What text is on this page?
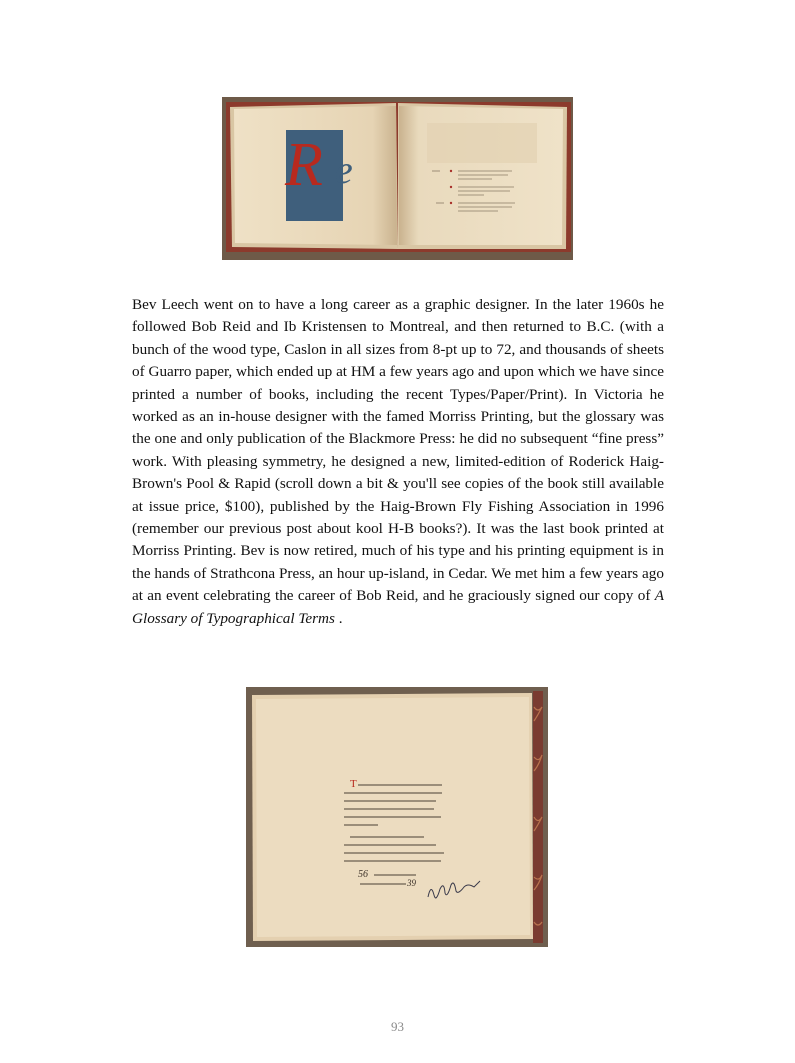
R e

Bev Leech went on to have a long career as a graphic designer. In the later 1960s he followed Bob Reid and Ib Kristensen to Montreal, and then returned to B.C. (with a bunch of the wood type, Caslon in all sizes from 8-pt up to 72, and thousands of sheets of Guarro paper, which ended up at HM a few years ago and upon which we have since printed a number of books, including the recent Types/Paper/Print). In Victoria he worked as an in-house designer with the famed Morriss Printing, but the glossary was the one and only publication of the Blackmore Press: he did no subsequent “fine press” work. With pleasing symmetry, he designed a new, limited-edition of Roderick Haig-Brown's Pool & Rapid (scroll down a bit & you'll see copies of the book still available at issue price, $100), published by the Haig-Brown Fly Fishing Association in 1996 (remember our previous post about kool H-B books?). It was the last book printed at Morriss Printing. Bev is now retired, much of his type and his printing equipment is in the hands of Strathcona Press, an hour up-island, in Cedar. We met him a few years ago at an event celebrating the career of Bob Reid, and he graciously signed our copy of A Glossary of Typographical Terms .

T
56
39
93
